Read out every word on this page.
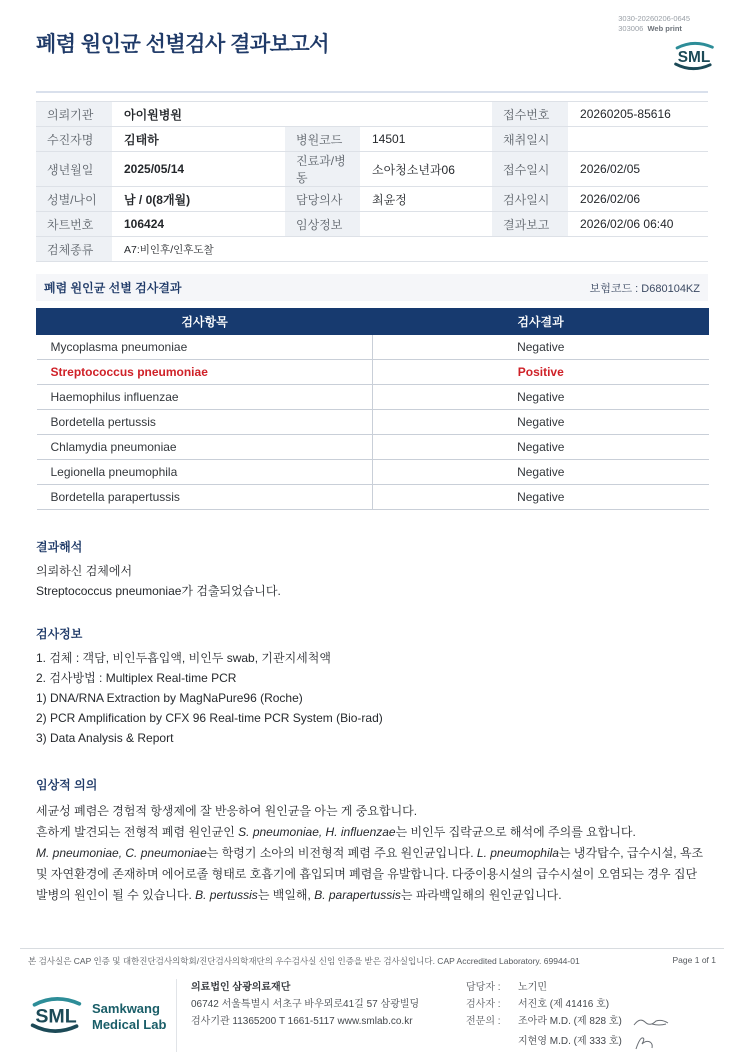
폐렴 원인균 선별검사 결과보고서
3030-20260206-0645
303006 Web print
SML
의뢰기관	아이원병원			접수번호	20260205-85616

수진자명	김태하	병원코드	14501	채취일시	

생년월일	2025/05/14	진료과/병동	소아청소년과06	접수일시	2026/02/05

성별/나이	남 / 0(8개월)	담당의사	최윤정	검사일시	2026/02/06

차트번호	106424	임상정보		결과보고	2026/02/06 06:40

검체종류	A7:비인후/인후도찰				
폐렴 원인균 선별 검사결과	보험코드 : D680104KZ
검사항목	검사결과
Mycoplasma pneumoniae	Negative
Streptococcus pneumoniae	Positive
Haemophilus influenzae	Negative
Bordetella pertussis	Negative
Chlamydia pneumoniae	Negative
Legionella pneumophila	Negative
Bordetella parapertussis	Negative
결과해석
의뢰하신 검체에서
Streptococcus pneumoniae가 검출되었습니다.
검사정보
1. 검체 : 객담, 비인두흡입액, 비인두 swab, 기관지세척액
2. 검사방법 : Multiplex Real-time PCR
1) DNA/RNA Extraction by MagNaPure96 (Roche)
2) PCR Amplification by CFX 96 Real-time PCR System (Bio-rad)
3) Data Analysis & Report
임상적 의의
세균성 폐렴은 경험적 항생제에 잘 반응하여 원인균을 아는 게 중요합니다.
흔하게 발견되는 전형적 폐렴 원인균인 S. pneumoniae, H. influenzae는 비인두 집락균으로 해석에 주의를 요합니다.
M. pneumoniae, C. pneumoniae는 학령기 소아의 비전형적 폐렴 주요 원인균입니다. L. pneumophila는 냉각탑수, 급수시설, 욕조 및 자연환경에 존재하며 에어로졸 형태로 호흡기에 흡입되며 폐렴을 유발합니다. 다중이용시설의 급수시설이 오염되는 경우 집단발병의 원인이 될 수 있습니다. B. pertussis는 백일해, B. parapertussis는 파라백일해의 원인균입니다.
본 검사실은 CAP 인증 및 대한진단검사의학회/진단검사의학재단의 우수검사실 신임 인증을 받은 검사실입니다. CAP Accredited Laboratory. 69944-01	Page 1 of 1
SML Samkwang
Medical Lab
의료법인 삼광의료재단
06742 서울특별시 서초구 바우뫼로41길 57 삼광빌딩
검사기관 11365200 T 1661-5117 www.smlab.co.kr
담당자 :	노기민
검사자 :	서진호 (제 41416 호)
전문의 :	조아라 M.D. (제 828 호)
지현영 M.D. (제 333 호)
